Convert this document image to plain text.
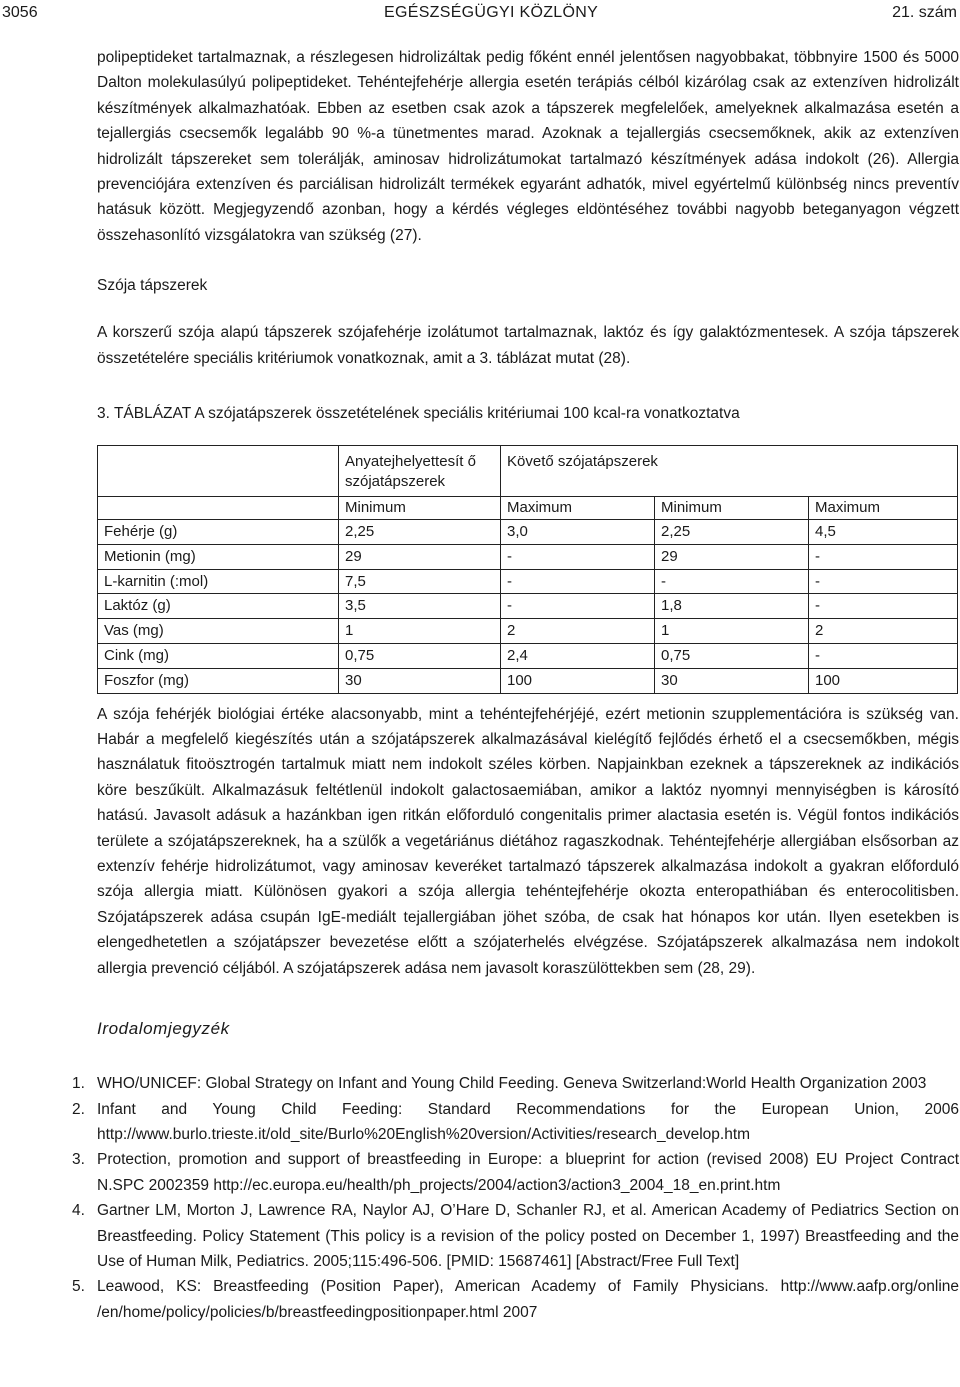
3056	EGÉSZSÉGÜGYI KÖZLÖNY	21. szám

polipeptideket tartalmaznak, a részlegesen hidrolizáltak pedig főként ennél jelentősen nagyobbakat, többnyire 1500 és 5000 Dalton molekulasúlyú polipeptideket. Tehéntejfehérje allergia esetén terápiás célból kizárólag csak az extenzíven hidrolizált készítmények alkalmazhatóak. Ebben az esetben csak azok a tápszerek megfelelőek, amelyeknek alkalmazása esetén a tejallergiás csecsemők legalább 90 %-a tünetmentes marad. Azoknak a tejallergiás csecsemőknek, akik az extenzíven hidrolizált tápszereket sem tolerálják, aminosav hidrolizátumokat tartalmazó készítmények adása indokolt (26). Allergia prevenciójára extenzíven és parciálisan hidrolizált termékek egyaránt adhatók, mivel egyértelmű különbség nincs preventív hatásuk között. Megjegyzendő azonban, hogy a kérdés végleges eldöntéséhez további nagyobb beteganyagon végzett összehasonlító vizsgálatokra van szükség (27).

Szója tápszerek

A korszerű szója alapú tápszerek szójafehérje izolátumot tartalmaznak, laktóz és így galaktózmentesek. A szója tápszerek összetételére speciális kritériumok vonatkoznak, amit a 3. táblázat mutat (28).

3. TÁBLÁZAT A szójatápszerek összetételének speciális kritériumai 100 kcal-ra vonatkoztatva
	Anyatejhelyettesít ő szójatápszerek	Követő szójatápszerek		
	Minimum	Maximum	Minimum	Maximum
Fehérje (g)	2,25	3,0	2,25	4,5
Metionin (mg)	29	-	29	-
L-karnitin (:mol)	7,5	-	-	-
Laktóz (g)	3,5	-	1,8	-
Vas (mg)	1	2	1	2
Cink (mg)	0,75	2,4	0,75	-
Foszfor (mg)	30	100	30	100

A szója fehérjék biológiai értéke alacsonyabb, mint a tehéntejfehérjéjé, ezért metionin szupplementációra is szükség van. Habár a megfelelő kiegészítés után a szójatápszerek alkalmazásával kielégítő fejlődés érhető el a csecsemőkben, mégis használatuk fitoösztrogén tartalmuk miatt nem indokolt széles körben. Napjainkban ezeknek a tápszereknek az indikációs köre beszűkült. Alkalmazásuk feltétlenül indokolt galactosaemiában, amikor a laktóz nyomnyi mennyiségben is károsító hatású. Javasolt adásuk a hazánkban igen ritkán előforduló congenitalis primer alactasia esetén is. Végül fontos indikációs területe a szójatápszereknek, ha a szülők a vegetáriánus diétához ragaszkodnak. Tehéntejfehérje allergiában elsősorban az extenzív fehérje hidrolizátumot, vagy aminosav keveréket tartalmazó tápszerek alkalmazása indokolt a gyakran előforduló szója allergia miatt. Különösen gyakori a szója allergia tehéntejfehérje okozta enteropathiában és enterocolitisben. Szójatápszerek adása csupán IgE-mediált tejallergiában jöhet szóba, de csak hat hónapos kor után. Ilyen esetekben is elengedhetetlen a szójatápszer bevezetése előtt a szójaterhelés elvégzése. Szójatápszerek alkalmazása nem indokolt allergia prevenció céljából. A szójatápszerek adása nem javasolt koraszülöttekben sem (28, 29).

Irodalomjegyzék
1. WHO/UNICEF: Global Strategy on Infant and Young Child Feeding. Geneva Switzerland:World Health Organization 2003
2. Infant and Young Child Feeding: Standard Recommendations for the European Union, 2006 http://www.burlo.trieste.it/old_site/Burlo%20English%20version/Activities/research_develop.htm
3. Protection, promotion and support of breastfeeding in Europe: a blueprint for action (revised 2008) EU Project Contract N.SPC 2002359 http://ec.europa.eu/health/ph_projects/2004/action3/action3_2004_18_en.print.htm
4. Gartner LM, Morton J, Lawrence RA, Naylor AJ, O’Hare D, Schanler RJ, et al. American Academy of Pediatrics Section on Breastfeeding. Policy Statement (This policy is a revision of the policy posted on December 1, 1997) Breastfeeding and the Use of Human Milk, Pediatrics. 2005;115:496-506. [PMID: 15687461] [Abstract/Free Full Text]
5. Leawood, KS: Breastfeeding (Position Paper), American Academy of Family Physicians. http://www.aafp.org/online /en/home/policy/policies/b/breastfeedingpositionpaper.html 2007
